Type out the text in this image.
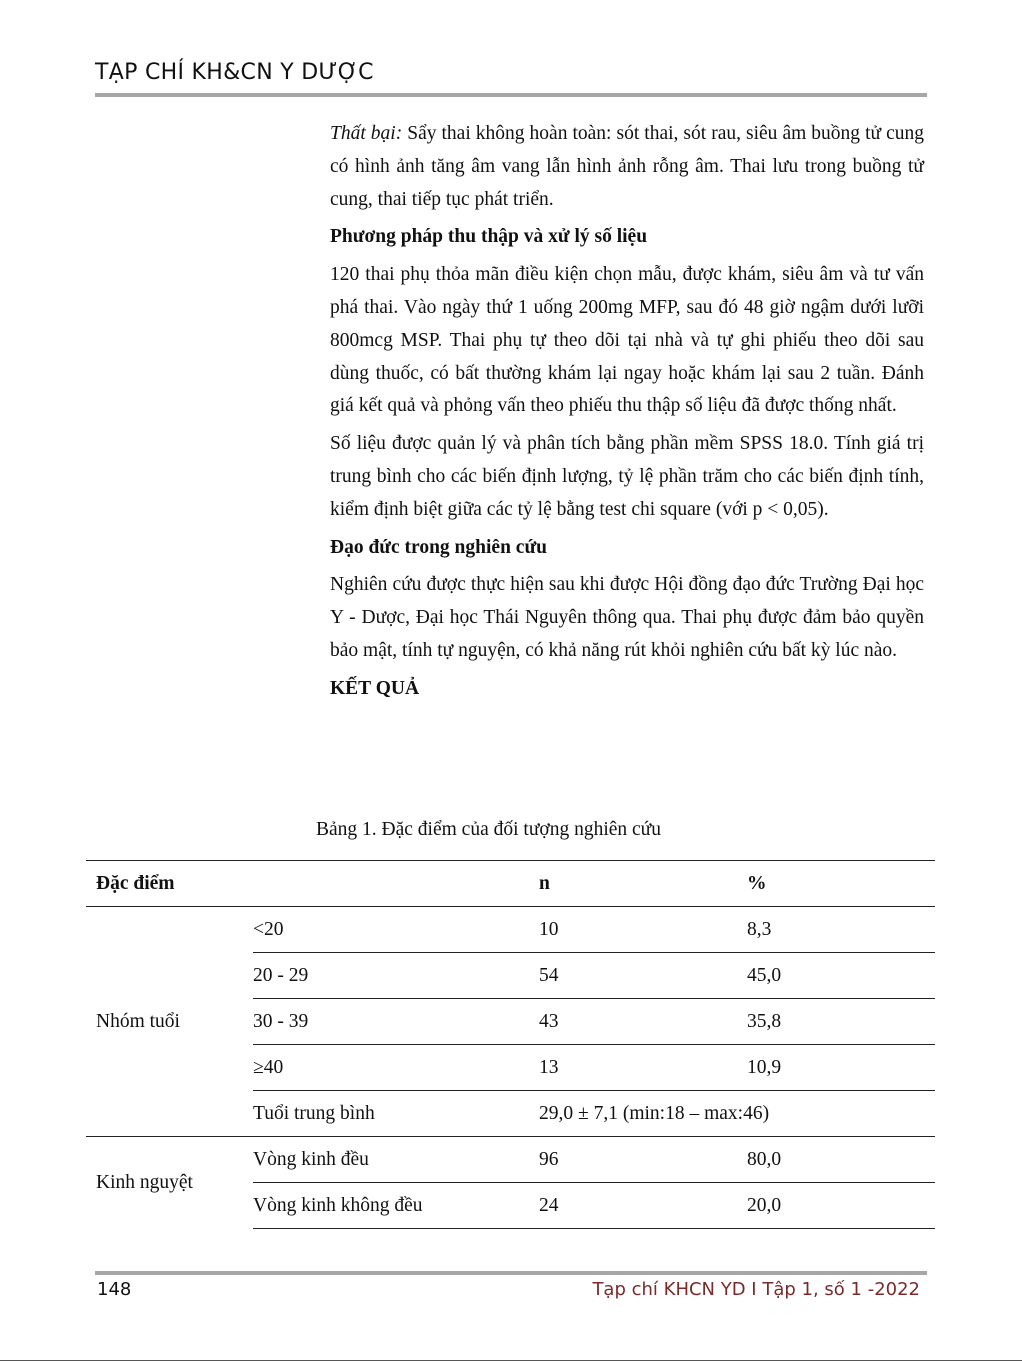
TẠP CHÍ KH&CN Y DƯỢC

Thất bại: Sẩy thai không hoàn toàn: sót thai, sót rau, siêu âm buồng tử cung có hình ảnh tăng âm vang lẫn hình ảnh rỗng âm. Thai lưu trong buồng tử cung, thai tiếp tục phát triển.

Phương pháp thu thập và xử lý số liệu

120 thai phụ thỏa mãn điều kiện chọn mẫu, được khám, siêu âm và tư vấn phá thai. Vào ngày thứ 1 uống 200mg MFP, sau đó 48 giờ ngậm dưới lưỡi 800mcg MSP. Thai phụ tự theo dõi tại nhà và tự ghi phiếu theo dõi sau dùng thuốc, có bất thường khám lại ngay hoặc khám lại sau 2 tuần. Đánh giá kết quả và phỏng vấn theo phiếu thu thập số liệu đã được thống nhất.

Số liệu được quản lý và phân tích bằng phần mềm SPSS 18.0. Tính giá trị trung bình cho các biến định lượng, tỷ lệ phần trăm cho các biến định tính, kiểm định biệt giữa các tỷ lệ bằng test chi square (với p < 0,05).

Đạo đức trong nghiên cứu

Nghiên cứu được thực hiện sau khi được Hội đồng đạo đức Trường Đại học Y - Dược, Đại học Thái Nguyên thông qua. Thai phụ được đảm bảo quyền bảo mật, tính tự nguyện, có khả năng rút khỏi nghiên cứu bất kỳ lúc nào.

KẾT QUẢ
Bảng 1. Đặc điểm của đối tượng nghiên cứu
Đặc điểm		n	%
Nhóm tuổi	<20	10	8,3
	20 - 29	54	45,0
	30 - 39	43	35,8
	≥40	13	10,9
	Tuổi trung bình	29,0 ± 7,1 (min:18 – max:46)	
Kinh nguyệt	Vòng kinh đều	96	80,0
	Vòng kinh không đều	24	20,0
148	Tạp chí KHCN YD I Tập 1, số 1 -2022
